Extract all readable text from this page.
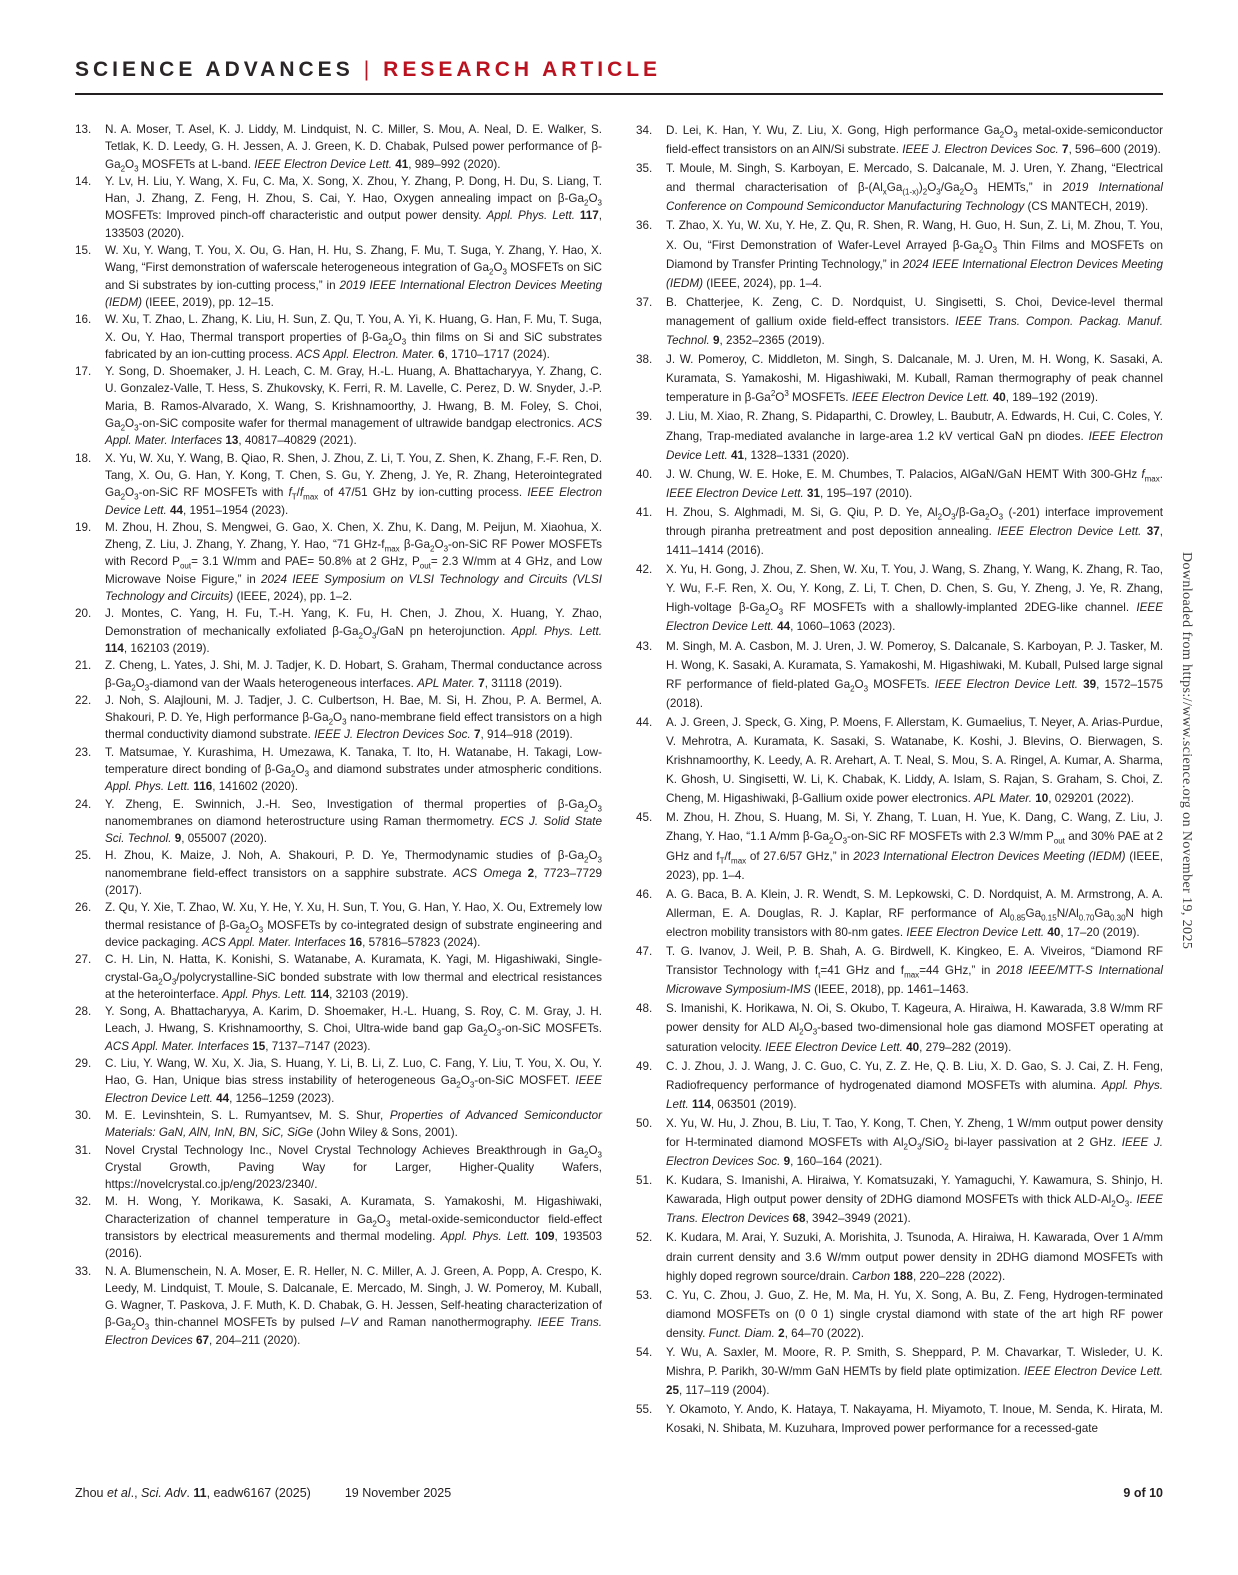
SCIENCE ADVANCES | RESEARCH ARTICLE
13.	N. A. Moser, T. Asel, K. J. Liddy, M. Lindquist, N. C. Miller, S. Mou, A. Neal, D. E. Walker, S. Tetlak, K. D. Leedy, G. H. Jessen, A. J. Green, K. D. Chabak, Pulsed power performance of $\beta-Ga_2O_3$ MOSFETs at L-band. IEEE Electron Device Lett. 41, 989–992 (2020).
14.	Y. Lv, H. Liu, Y. Wang, X. Fu, C. Ma, X. Song, X. Zhou, Y. Zhang, P. Dong, H. Du, S. Liang, T. Han, J. Zhang, Z. Feng, H. Zhou, S. Cai, Y. Hao, Oxygen annealing impact on $\beta-Ga_2O_3$ MOSFETs: Improved pinch-off characteristic and output power density. Appl. Phys. Lett. 117, 133503 (2020).
15.	W. Xu, Y. Wang, T. You, X. Ou, G. Han, H. Hu, S. Zhang, F. Mu, T. Suga, Y. Zhang, Y. Hao, X. Wang, “First demonstration of waferscale heterogeneous integration of $Ga_2O_3$ MOSFETs on SiC and Si substrates by ion-cutting process,” in 2019 IEEE International Electron Devices Meeting (IEDM) (IEEE, 2019), pp. 12–15.
16.	W. Xu, T. Zhao, L. Zhang, K. Liu, H. Sun, Z. Qu, T. You, A. Yi, K. Huang, G. Han, F. Mu, T. Suga, X. Ou, Y. Hao, Thermal transport properties of $\beta-Ga_2O_3$ thin films on Si and SiC substrates fabricated by an ion-cutting process. ACS Appl. Electron. Mater. 6, 1710–1717 (2024).
17.	Y. Song, D. Shoemaker, J. H. Leach, C. M. Gray, H.-L. Huang, A. Bhattacharyya, Y. Zhang, C. U. Gonzalez-Valle, T. Hess, S. Zhukovsky, K. Ferri, R. M. Lavelle, C. Perez, D. W. Snyder, J.-P. Maria, B. Ramos-Alvarado, X. Wang, S. Krishnamoorthy, J. Hwang, B. M. Foley, S. Choi, $Ga_2O_3-on$-SiC composite wafer for thermal management of ultrawide bandgap electronics. ACS Appl. Mater. Interfaces 13, 40817–40829 (2021).
18.	X. Yu, W. Xu, Y. Wang, B. Qiao, R. Shen, J. Zhou, Z. Li, T. You, Z. Shen, K. Zhang, F.-F. Ren, D. Tang, X. Ou, G. Han, Y. Kong, T. Chen, S. Gu, Y. Zheng, J. Ye, R. Zhang, Heterointegrated $Ga_2O_3-on$-SiC RF MOSFETs with $f_T/f_{max}$ of 47/51 GHz by ion-cutting process. IEEE Electron Device Lett. 44, 1951–1954 (2023).
19.	M. Zhou, H. Zhou, S. Mengwei, G. Gao, X. Chen, X. Zhu, K. Dang, M. Peijun, M. Xiaohua, X. Zheng, Z. Liu, J. Zhang, Y. Zhang, Y. Hao, “71 GHz-$f_{max}$ $\beta-Ga_2O_3-on$-SiC RF Power MOSFETs with Record $P_{out}= 3.1$ W/mm and PAE= 50.8% at 2 GHz, $P_{out}= 2.3$ W/mm at 4 GHz, and Low Microwave Noise Figure,” in 2024 IEEE Symposium on VLSI Technology and Circuits (VLSI Technology and Circuits) (IEEE, 2024), pp. 1–2.
20.	J. Montes, C. Yang, H. Fu, T.-H. Yang, K. Fu, H. Chen, J. Zhou, X. Huang, Y. Zhao, Demonstration of mechanically exfoliated $\beta-Ga_2O_3$/GaN pn heterojunction. Appl. Phys. Lett. 114, 162103 (2019).
21.	Z. Cheng, L. Yates, J. Shi, M. J. Tadjer, K. D. Hobart, S. Graham, Thermal conductance across $\beta-Ga_2O_3$-diamond van der Waals heterogeneous interfaces. APL Mater. 7, 31118 (2019).
22.	J. Noh, S. Alajlouni, M. J. Tadjer, J. C. Culbertson, H. Bae, M. Si, H. Zhou, P. A. Bermel, A. Shakouri, P. D. Ye, High performance $\beta-Ga_2O_3$ nano-membrane field effect transistors on a high thermal conductivity diamond substrate. IEEE J. Electron Devices Soc. 7, 914–918 (2019).
23.	T. Matsumae, Y. Kurashima, H. Umezawa, K. Tanaka, T. Ito, H. Watanabe, H. Takagi, Low-temperature direct bonding of $\beta-Ga_2O_3$ and diamond substrates under atmospheric conditions. Appl. Phys. Lett. 116, 141602 (2020).
24.	Y. Zheng, E. Swinnich, J.-H. Seo, Investigation of thermal properties of $\beta-Ga_2O_3$ nanomembranes on diamond heterostructure using Raman thermometry. ECS J. Solid State Sci. Technol. 9, 055007 (2020).
25.	H. Zhou, K. Maize, J. Noh, A. Shakouri, P. D. Ye, Thermodynamic studies of $\beta-Ga_2O_3$ nanomembrane field-effect transistors on a sapphire substrate. ACS Omega 2, 7723–7729 (2017).
26.	Z. Qu, Y. Xie, T. Zhao, W. Xu, Y. He, Y. Xu, H. Sun, T. You, G. Han, Y. Hao, X. Ou, Extremely low thermal resistance of $\beta-Ga_2O_3$ MOSFETs by co-integrated design of substrate engineering and device packaging. ACS Appl. Mater. Interfaces 16, 57816–57823 (2024).
27.	C. H. Lin, N. Hatta, K. Konishi, S. Watanabe, A. Kuramata, K. Yagi, M. Higashiwaki, Single-$crystal-Ga_2O_3/polycrystalline$-SiC bonded substrate with low thermal and electrical resistances at the heterointerface. Appl. Phys. Lett. 114, 32103 (2019).
28.	Y. Song, A. Bhattacharyya, A. Karim, D. Shoemaker, H.-L. Huang, S. Roy, C. M. Gray, J. H. Leach, J. Hwang, S. Krishnamoorthy, S. Choi, Ultra-wide band gap $Ga_2O_3-on$-SiC MOSFETs. ACS Appl. Mater. Interfaces 15, 7137–7147 (2023).
29.	C. Liu, Y. Wang, W. Xu, X. Jia, S. Huang, Y. Li, B. Li, Z. Luo, C. Fang, Y. Liu, T. You, X. Ou, Y. Hao, G. Han, Unique bias stress instability of heterogeneous $Ga_2O_3-on$-SiC MOSFET. IEEE Electron Device Lett. 44, 1256–1259 (2023).
30.	M. E. Levinshtein, S. L. Rumyantsev, M. S. Shur, Properties of Advanced Semiconductor Materials: GaN, AlN, InN, BN, SiC, SiGe (John Wiley & Sons, 2001).
31.	Novel Crystal Technology Inc., Novel Crystal Technology Achieves Breakthrough in $Ga_2O_3$ Crystal Growth, Paving Way for Larger, Higher-Quality Wafers, https://novelcrystal.co.jp/eng/2023/2340/.
32.	M. H. Wong, Y. Morikawa, K. Sasaki, A. Kuramata, S. Yamakoshi, M. Higashiwaki, Characterization of channel temperature in $Ga_2O_3$ metal-oxide-semiconductor field-effect transistors by electrical measurements and thermal modeling. Appl. Phys. Lett. 109, 193503 (2016).
33.	N. A. Blumenschein, N. A. Moser, E. R. Heller, N. C. Miller, A. J. Green, A. Popp, A. Crespo, K. Leedy, M. Lindquist, T. Moule, S. Dalcanale, E. Mercado, M. Singh, J. W. Pomeroy, M. Kuball, G. Wagner, T. Paskova, J. F. Muth, K. D. Chabak, G. H. Jessen, Self-heating characterization of $\beta-Ga_2O_3$ thin-channel MOSFETs by pulsed I–V and Raman nanothermography. IEEE Trans. Electron Devices 67, 204–211 (2020).
34.	D. Lei, K. Han, Y. Wu, Z. Liu, X. Gong, High performance $Ga_2O_3$ metal-oxide-semiconductor field-effect transistors on an AlN/Si substrate. IEEE J. Electron Devices Soc. 7, 596–600 (2019).
35.	T. Moule, M. Singh, S. Karboyan, E. Mercado, S. Dalcanale, M. J. Uren, Y. Zhang, “Electrical and thermal characterisation of $\beta-(Al_xGa_{(1-x)})_2O_3/Ga_2O_3$ HEMTs,” in 2019 International Conference on Compound Semiconductor Manufacturing Technology (CS MANTECH, 2019).
36.	T. Zhao, X. Yu, W. Xu, Y. He, Z. Qu, R. Shen, R. Wang, H. Guo, H. Sun, Z. Li, M. Zhou, T. You, X. Ou, “First Demonstration of Wafer-Level Arrayed $\beta-Ga_2O_3$ Thin Films and MOSFETs on Diamond by Transfer Printing Technology,” in 2024 IEEE International Electron Devices Meeting (IEDM) (IEEE, 2024), pp. 1–4.
37.	B. Chatterjee, K. Zeng, C. D. Nordquist, U. Singisetti, S. Choi, Device-level thermal management of gallium oxide field-effect transistors. IEEE Trans. Compon. Packag. Manuf. Technol. 9, 2352–2365 (2019).
38.	J. W. Pomeroy, C. Middleton, M. Singh, S. Dalcanale, M. J. Uren, M. H. Wong, K. Sasaki, A. Kuramata, S. Yamakoshi, M. Higashiwaki, M. Kuball, Raman thermography of peak channel temperature in $\beta-Ga^2O^3$ MOSFETs. IEEE Electron Device Lett. 40, 189–192 (2019).
39.	J. Liu, M. Xiao, R. Zhang, S. Pidaparthi, C. Drowley, L. Baubutr, A. Edwards, H. Cui, C. Coles, Y. Zhang, Trap-mediated avalanche in large-area 1.2 kV vertical GaN pn diodes. IEEE Electron Device Lett. 41, 1328–1331 (2020).
40.	J. W. Chung, W. E. Hoke, E. M. Chumbes, T. Palacios, AlGaN/GaN HEMT With 300-GHz $f_{max}$. IEEE Electron Device Lett. 31, 195–197 (2010).
41.	H. Zhou, S. Alghmadi, M. Si, G. Qiu, P. D. Ye, $Al_2O_3/\beta-Ga_2O_3$ (-201) interface improvement through piranha pretreatment and post deposition annealing. IEEE Electron Device Lett. 37, 1411–1414 (2016).
42.	X. Yu, H. Gong, J. Zhou, Z. Shen, W. Xu, T. You, J. Wang, S. Zhang, Y. Wang, K. Zhang, R. Tao, Y. Wu, F.-F. Ren, X. Ou, Y. Kong, Z. Li, T. Chen, D. Chen, S. Gu, Y. Zheng, J. Ye, R. Zhang, High-voltage $\beta-Ga_2O_3$ RF MOSFETs with a shallowly-implanted 2DEG-like channel. IEEE Electron Device Lett. 44, 1060–1063 (2023).
43.	M. Singh, M. A. Casbon, M. J. Uren, J. W. Pomeroy, S. Dalcanale, S. Karboyan, P. J. Tasker, M. H. Wong, K. Sasaki, A. Kuramata, S. Yamakoshi, M. Higashiwaki, M. Kuball, Pulsed large signal RF performance of field-plated $Ga_2O_3$ MOSFETs. IEEE Electron Device Lett. 39, 1572–1575 (2018).
44.	A. J. Green, J. Speck, G. Xing, P. Moens, F. Allerstam, K. Gumaelius, T. Neyer, A. Arias-Purdue, V. Mehrotra, A. Kuramata, K. Sasaki, S. Watanabe, K. Koshi, J. Blevins, O. Bierwagen, S. Krishnamoorthy, K. Leedy, A. R. Arehart, A. T. Neal, S. Mou, S. A. Ringel, A. Kumar, A. Sharma, K. Ghosh, U. Singisetti, W. Li, K. Chabak, K. Liddy, A. Islam, S. Rajan, S. Graham, S. Choi, Z. Cheng, M. Higashiwaki, β-Gallium oxide power electronics. APL Mater. 10, 029201 (2022).
45.	M. Zhou, H. Zhou, S. Huang, M. Si, Y. Zhang, T. Luan, H. Yue, K. Dang, C. Wang, Z. Liu, J. Zhang, Y. Hao, “1.1 A/mm $\beta-Ga_2O_3-on$-SiC RF MOSFETs with 2.3 W/mm $P_{out}$ and 30% PAE at 2 GHz and $f_T/f_{max}$ of 27.6/57 GHz,” in 2023 International Electron Devices Meeting (IEDM) (IEEE, 2023), pp. 1–4.
46.	A. G. Baca, B. A. Klein, J. R. Wendt, S. M. Lepkowski, C. D. Nordquist, A. M. Armstrong, A. A. Allerman, E. A. Douglas, R. J. Kaplar, RF performance of $Al_{0.85}Ga_{0.15}N/Al_{0.70}Ga_{0.30}N$ high electron mobility transistors with 80-nm gates. IEEE Electron Device Lett. 40, 17–20 (2019).
47.	T. G. Ivanov, J. Weil, P. B. Shah, A. G. Birdwell, K. Kingkeo, E. A. Viveiros, “Diamond RF Transistor Technology with $f_t=41$ GHz and $f_{max}=44$ GHz,” in 2018 IEEE/MTT-S International Microwave Symposium-IMS (IEEE, 2018), pp. 1461–1463.
48.	S. Imanishi, K. Horikawa, N. Oi, S. Okubo, T. Kageura, A. Hiraiwa, H. Kawarada, 3.8 W/mm RF power density for ALD $Al_2O_3$-based two-dimensional hole gas diamond MOSFET operating at saturation velocity. IEEE Electron Device Lett. 40, 279–282 (2019).
49.	C. J. Zhou, J. J. Wang, J. C. Guo, C. Yu, Z. Z. He, Q. B. Liu, X. D. Gao, S. J. Cai, Z. H. Feng, Radiofrequency performance of hydrogenated diamond MOSFETs with alumina. Appl. Phys. Lett. 114, 063501 (2019).
50.	X. Yu, W. Hu, J. Zhou, B. Liu, T. Tao, Y. Kong, T. Chen, Y. Zheng, 1 W/mm output power density for H-terminated diamond MOSFETs with $Al_2O_3/SiO_2$ bi-layer passivation at 2 GHz. IEEE J. Electron Devices Soc. 9, 160–164 (2021).
51.	K. Kudara, S. Imanishi, A. Hiraiwa, Y. Komatsuzaki, Y. Yamaguchi, Y. Kawamura, S. Shinjo, H. Kawarada, High output power density of 2DHG diamond MOSFETs with thick ALD-$Al_2O_3$. IEEE Trans. Electron Devices 68, 3942–3949 (2021).
52.	K. Kudara, M. Arai, Y. Suzuki, A. Morishita, J. Tsunoda, A. Hiraiwa, H. Kawarada, Over 1 A/mm drain current density and 3.6 W/mm output power density in 2DHG diamond MOSFETs with highly doped regrown source/drain. Carbon 188, 220–228 (2022).
53.	C. Yu, C. Zhou, J. Guo, Z. He, M. Ma, H. Yu, X. Song, A. Bu, Z. Feng, Hydrogen-terminated diamond MOSFETs on (0 0 1) single crystal diamond with state of the art high RF power density. Funct. Diam. 2, 64–70 (2022).
54.	Y. Wu, A. Saxler, M. Moore, R. P. Smith, S. Sheppard, P. M. Chavarkar, T. Wisleder, U. K. Mishra, P. Parikh, 30-W/mm GaN HEMTs by field plate optimization. IEEE Electron Device Lett. 25, 117–119 (2004).
55.	Y. Okamoto, Y. Ando, K. Hataya, T. Nakayama, H. Miyamoto, T. Inoue, M. Senda, K. Hirata, M. Kosaki, N. Shibata, M. Kuzuhara, Improved power performance for a recessed-gate
Downloaded from https://www.science.org on November 19, 2025
Zhou et al., Sci. Adv. 11, eadw6167 (2025)	19 November 2025	9 of 10
